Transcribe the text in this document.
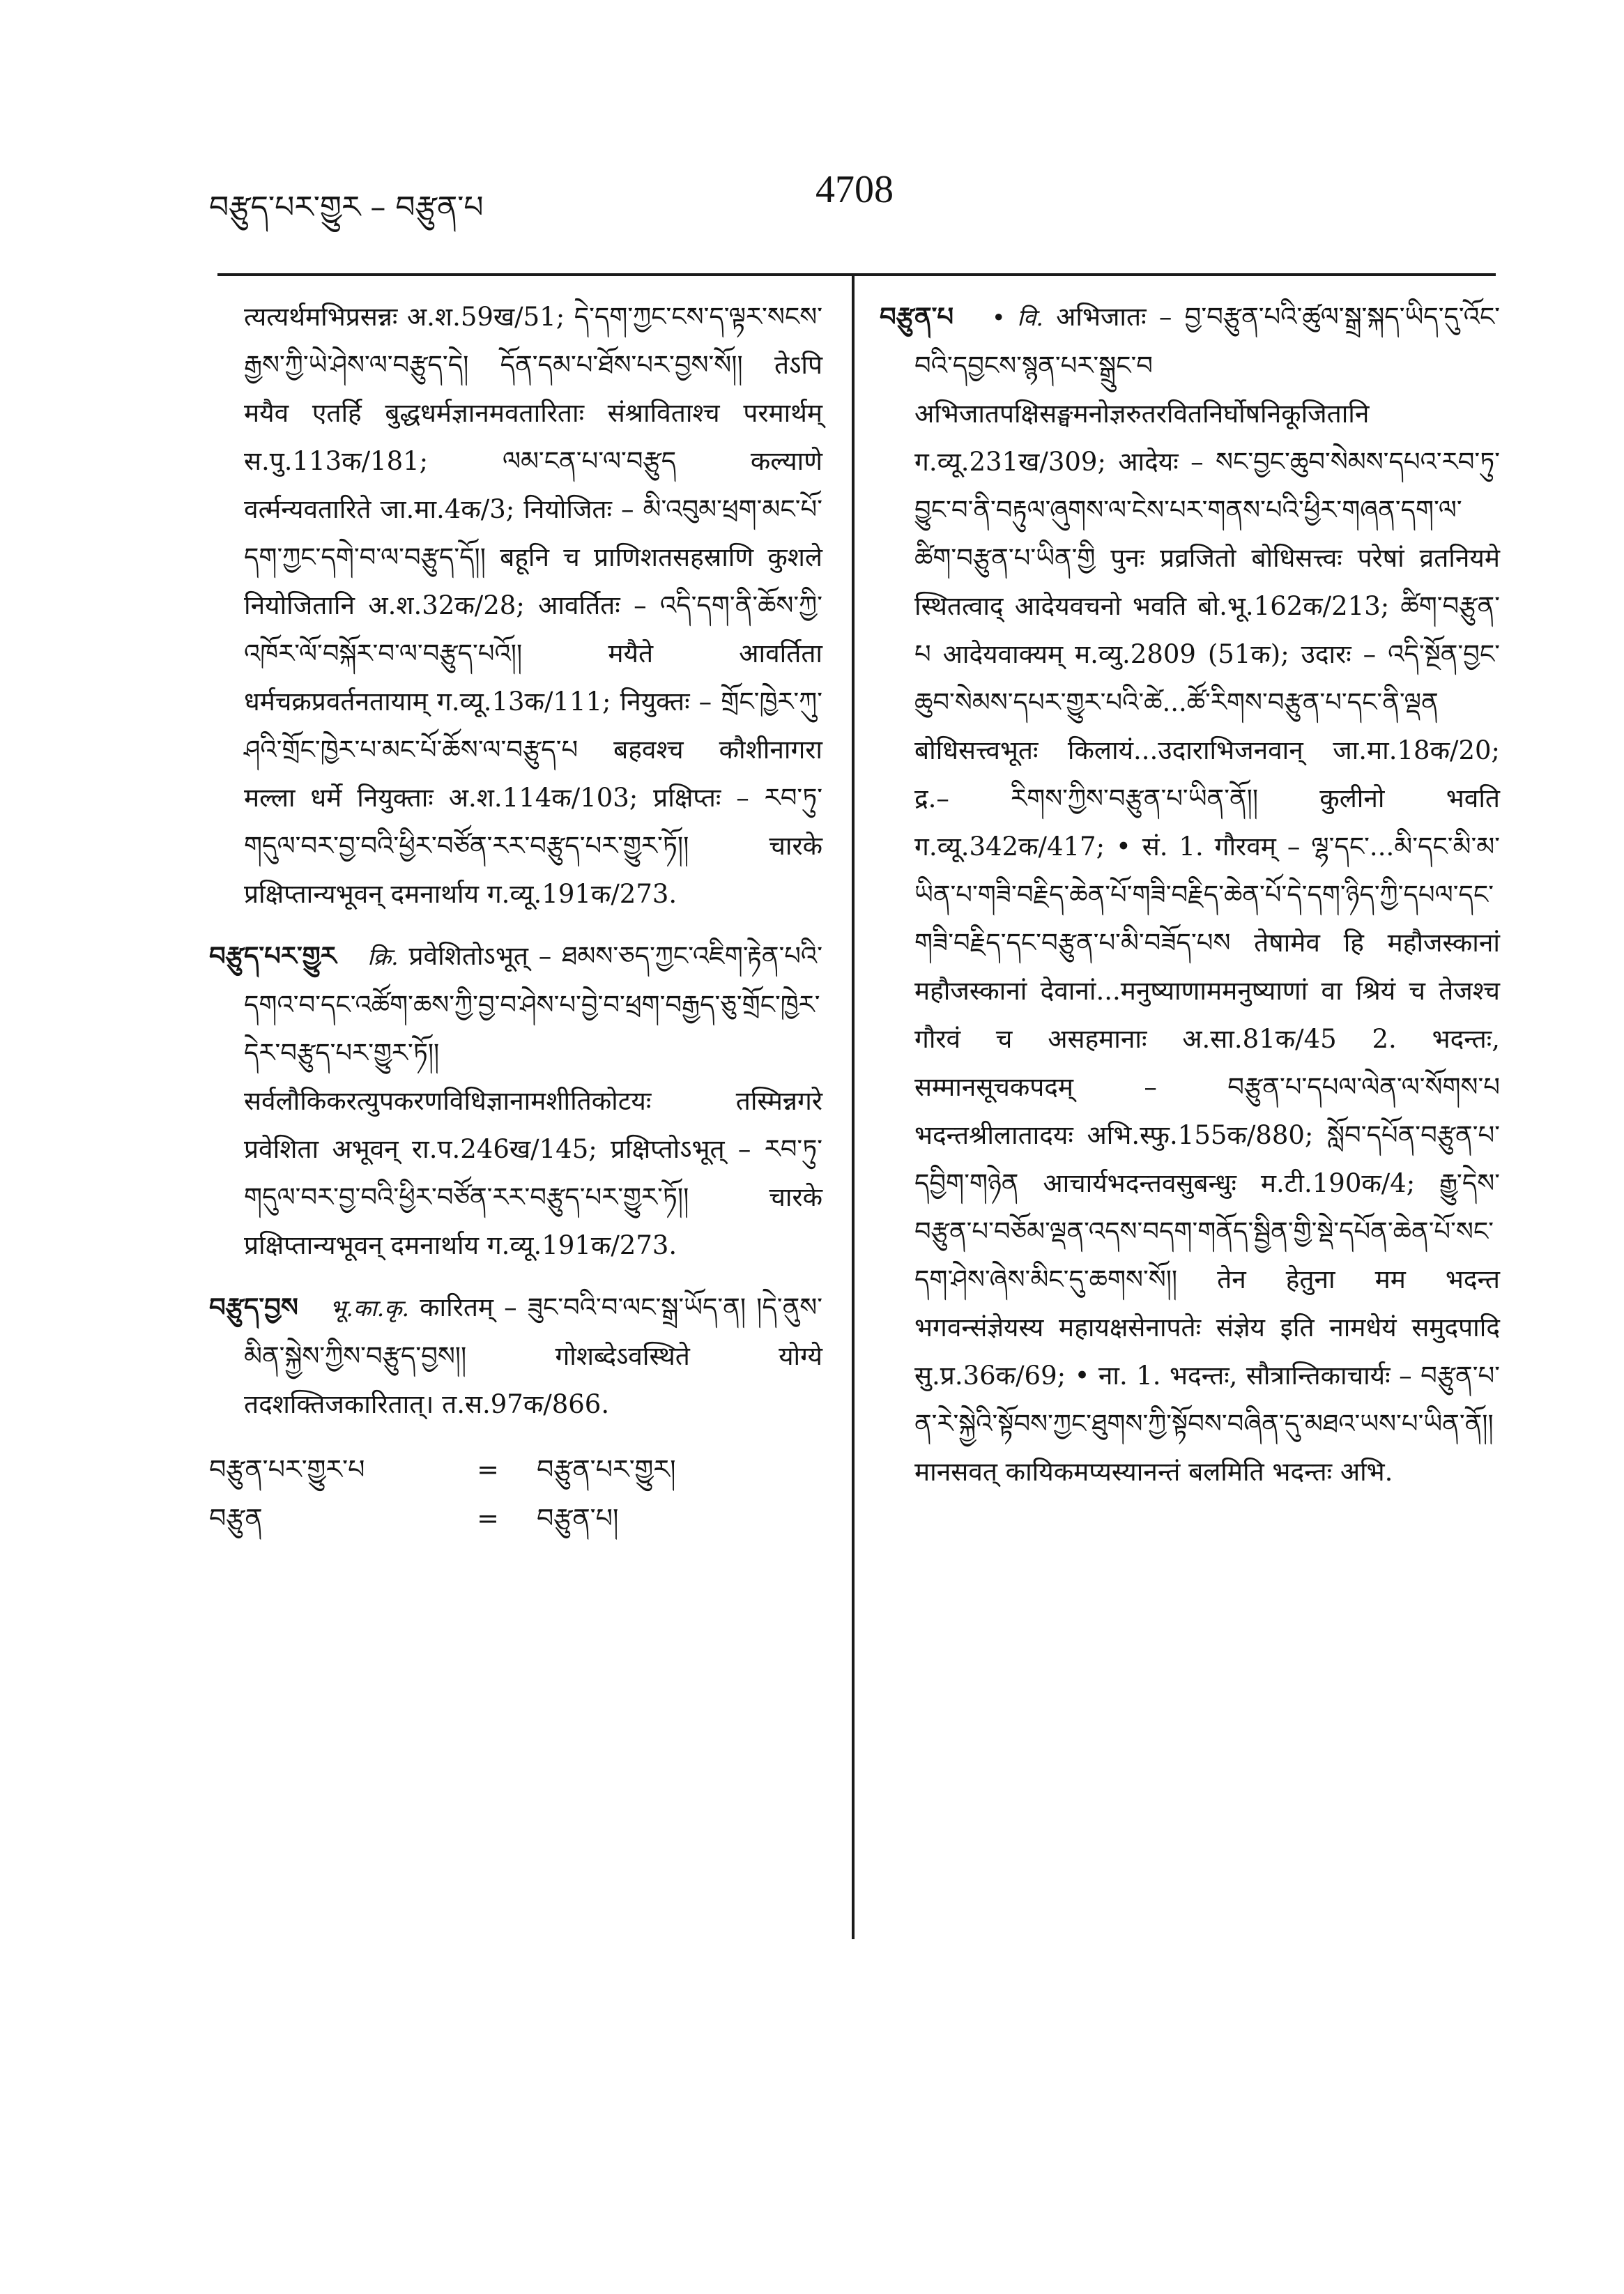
བརྩུད་པར་གྱུར – བརྩུན་པ	4708

त्यत्यर्थमभिप्रसन्नः अ.श.59ख/51; དེ་དག་ཀྱང་ངས་ད་ལྟར་སངས་རྒྱས་ཀྱི་ཡེ་ཤེས་ལ་བརྩུད་དེ། དོན་དམ་པ་ཐོས་པར་བྱས་སོ།། तेऽपि मयैव एतर्हि बुद्धधर्मज्ञानमवतारिताः संश्राविताश्च परमार्थम् स.पु.113क/181; ལམ་ངན་པ་ལ་བརྩུད कल्याणे वर्त्मन्यवतारिते जा.मा.4क/3; नियोजितः – མི་འབུམ་ཕྲག་མང་པོ་དག་ཀྱང་དགེ་བ་ལ་བརྩུད་དོ།། बहूनि च प्राणिशतसहस्राणि कुशले नियोजितानि अ.श.32क/28; आवर्तितः – འདི་དག་ནི་ཆོས་ཀྱི་འཁོར་ལོ་བསྐོར་བ་ལ་བརྩུད་པའོ།། मयैते आवर्तिता धर्मचक्रप्रवर्तनतायाम् ग.व्यू.13क/111; नियुक्तः – གྲོང་ཁྱེར་ཀུ་ཤའི་གྲོང་ཁྱེར་པ་མང་པོ་ཆོས་ལ་བརྩུད་པ बहवश्च कौशीनागरा मल्ला धर्मे नियुक्ताः अ.श.114क/103; प्रक्षिप्तः – རབ་ཏུ་གདུལ་བར་བྱ་བའི་ཕྱིར་བཙོན་རར་བརྩུད་པར་གྱུར་ཏོ།། चारके प्रक्षिप्तान्यभूवन् दमनार्थाय ग.व्यू.191क/273.

བརྩུད་པར་གྱུར क्रि. प्रवेशितोऽभूत् – ཐམས་ཅད་ཀྱང་འཇིག་རྟེན་པའི་དགའ་བ་དང་འཚོག་ཆས་ཀྱི་བྱ་བ་ཤེས་པ་བྱེ་བ་ཕྲག་བརྒྱད་ཅུ་གྲོང་ཁྱེར་དེར་བརྩུད་པར་གྱུར་ཏོ།། सर्वलौकिकरत्युपकरणविधिज्ञानामशीतिकोटयः तस्मिन्नगरे प्रवेशिता अभूवन् रा.प.246ख/145; प्रक्षिप्तोऽभूत् – རབ་ཏུ་གདུལ་བར་བྱ་བའི་ཕྱིར་བཙོན་རར་བརྩུད་པར་གྱུར་ཏོ།། चारके प्रक्षिप्तान्यभूवन् दमनार्थाय ग.व्यू.191क/273.

བརྩུད་བྱས भू.का.कृ. कारितम् – ཟུང་བའི་བ་ལང་སྒྲ་ཡོད་ན། །དེ་ནུས་མིན་སྐྱེས་ཀྱིས་བརྩུད་བྱས།། गोशब्देऽवस्थिते योग्ये तदशक्तिजकारितात्। त.स.97क/866.

བརྩུན་པར་གྱུར་པ	=	བརྩུན་པར་གྱུར།
བརྩུན	=	བརྩུན་པ།

བརྩུན་པ • वि. अभिजातः – བྱ་བརྩུན་པའི་ཚུལ་སྒྲ་སྐད་ཡིད་དུ་འོང་བའི་དབྱངས་སྙན་པར་སྒྲུང་བ अभिजातपक्षिसङ्घमनोज्ञरुतरवितनिर्घोषनिकूजितानि ग.व्यू.231ख/309; आदेयः – སང་བྱང་ཆུབ་སེམས་དཔའ་རབ་ཏུ་བྱུང་བ་ནི་བརྟུལ་ཞུགས་ལ་ངེས་པར་གནས་པའི་ཕྱིར་གཞན་དག་ལ་ཚིག་བརྩུན་པ་ཡིན་གྱི पुनः प्रव्रजितो बोधिसत्त्वः परेषां व्रतनियमे स्थितत्वाद् आदेयवचनो भवति बो.भू.162क/213; ཚིག་བརྩུན་པ आदेयवाक्यम् म.व्यु.2809 (51क); उदारः – འདི་སྔོན་བྱང་ཆུབ་སེམས་དཔར་གྱུར་པའི་ཚེ...ཚོ་རིགས་བརྩུན་པ་དང་ནི་ལྡན बोधिसत्त्वभूतः किलायं...उदाराभिजनवान् जा.मा.18क/20; द्र.– རིགས་ཀྱིས་བརྩུན་པ་ཡིན་ནོ།། कुलीनो भवति ग.व्यू.342क/417; • सं. 1. गौरवम् – ལྷ་དང་...མི་དང་མི་མ་ཡིན་པ་གཟི་བརྗིད་ཆེན་པོ་གཟི་བརྗིད་ཆེན་པོ་དེ་དག་ཉིད་ཀྱི་དཔལ་དང་གཟི་བརྗིད་དང་བརྩུན་པ་མི་བཟོད་པས तेषामेव हि महौजस्कानां महौजस्कानां देवानां...मनुष्याणाममनुष्याणां वा श्रियं च तेजश्च गौरवं च असहमानाः अ.सा.81क/45 2. भदन्तः, सम्मानसूचकपदम् – བརྩུན་པ་དཔལ་ལེན་ལ་སོགས་པ भदन्तश्रीलातादयः अभि.स्फु.155क/880; སློབ་དཔོན་བརྩུན་པ་དབྱིག་གཉེན आचार्यभदन्तवसुबन्धुः म.टी.190क/4; རྒྱུ་དེས་བརྩུན་པ་བཅོམ་ལྡན་འདས་བདག་གནོད་སྦྱིན་གྱི་སྡེ་དཔོན་ཆེན་པོ་སང་དག་ཤེས་ཞེས་མིང་དུ་ཆགས་སོ།། तेन हेतुना मम भदन्त भगवन्संज्ञेयस्य महायक्षसेनापतेः संज्ञेय इति नामधेयं समुदपादि सु.प्र.36क/69; • ना. 1. भदन्तः, सौत्रान्तिकाचार्यः – བརྩུན་པ་ན་རེ་སྐྱེའི་སྟོབས་ཀྱང་ཐུགས་ཀྱི་སྟོབས་བཞིན་དུ་མཐའ་ཡས་པ་ཡིན་ནོ།། मानसवत् कायिकमप्यस्यानन्तं बलमिति भदन्तः अभि.
